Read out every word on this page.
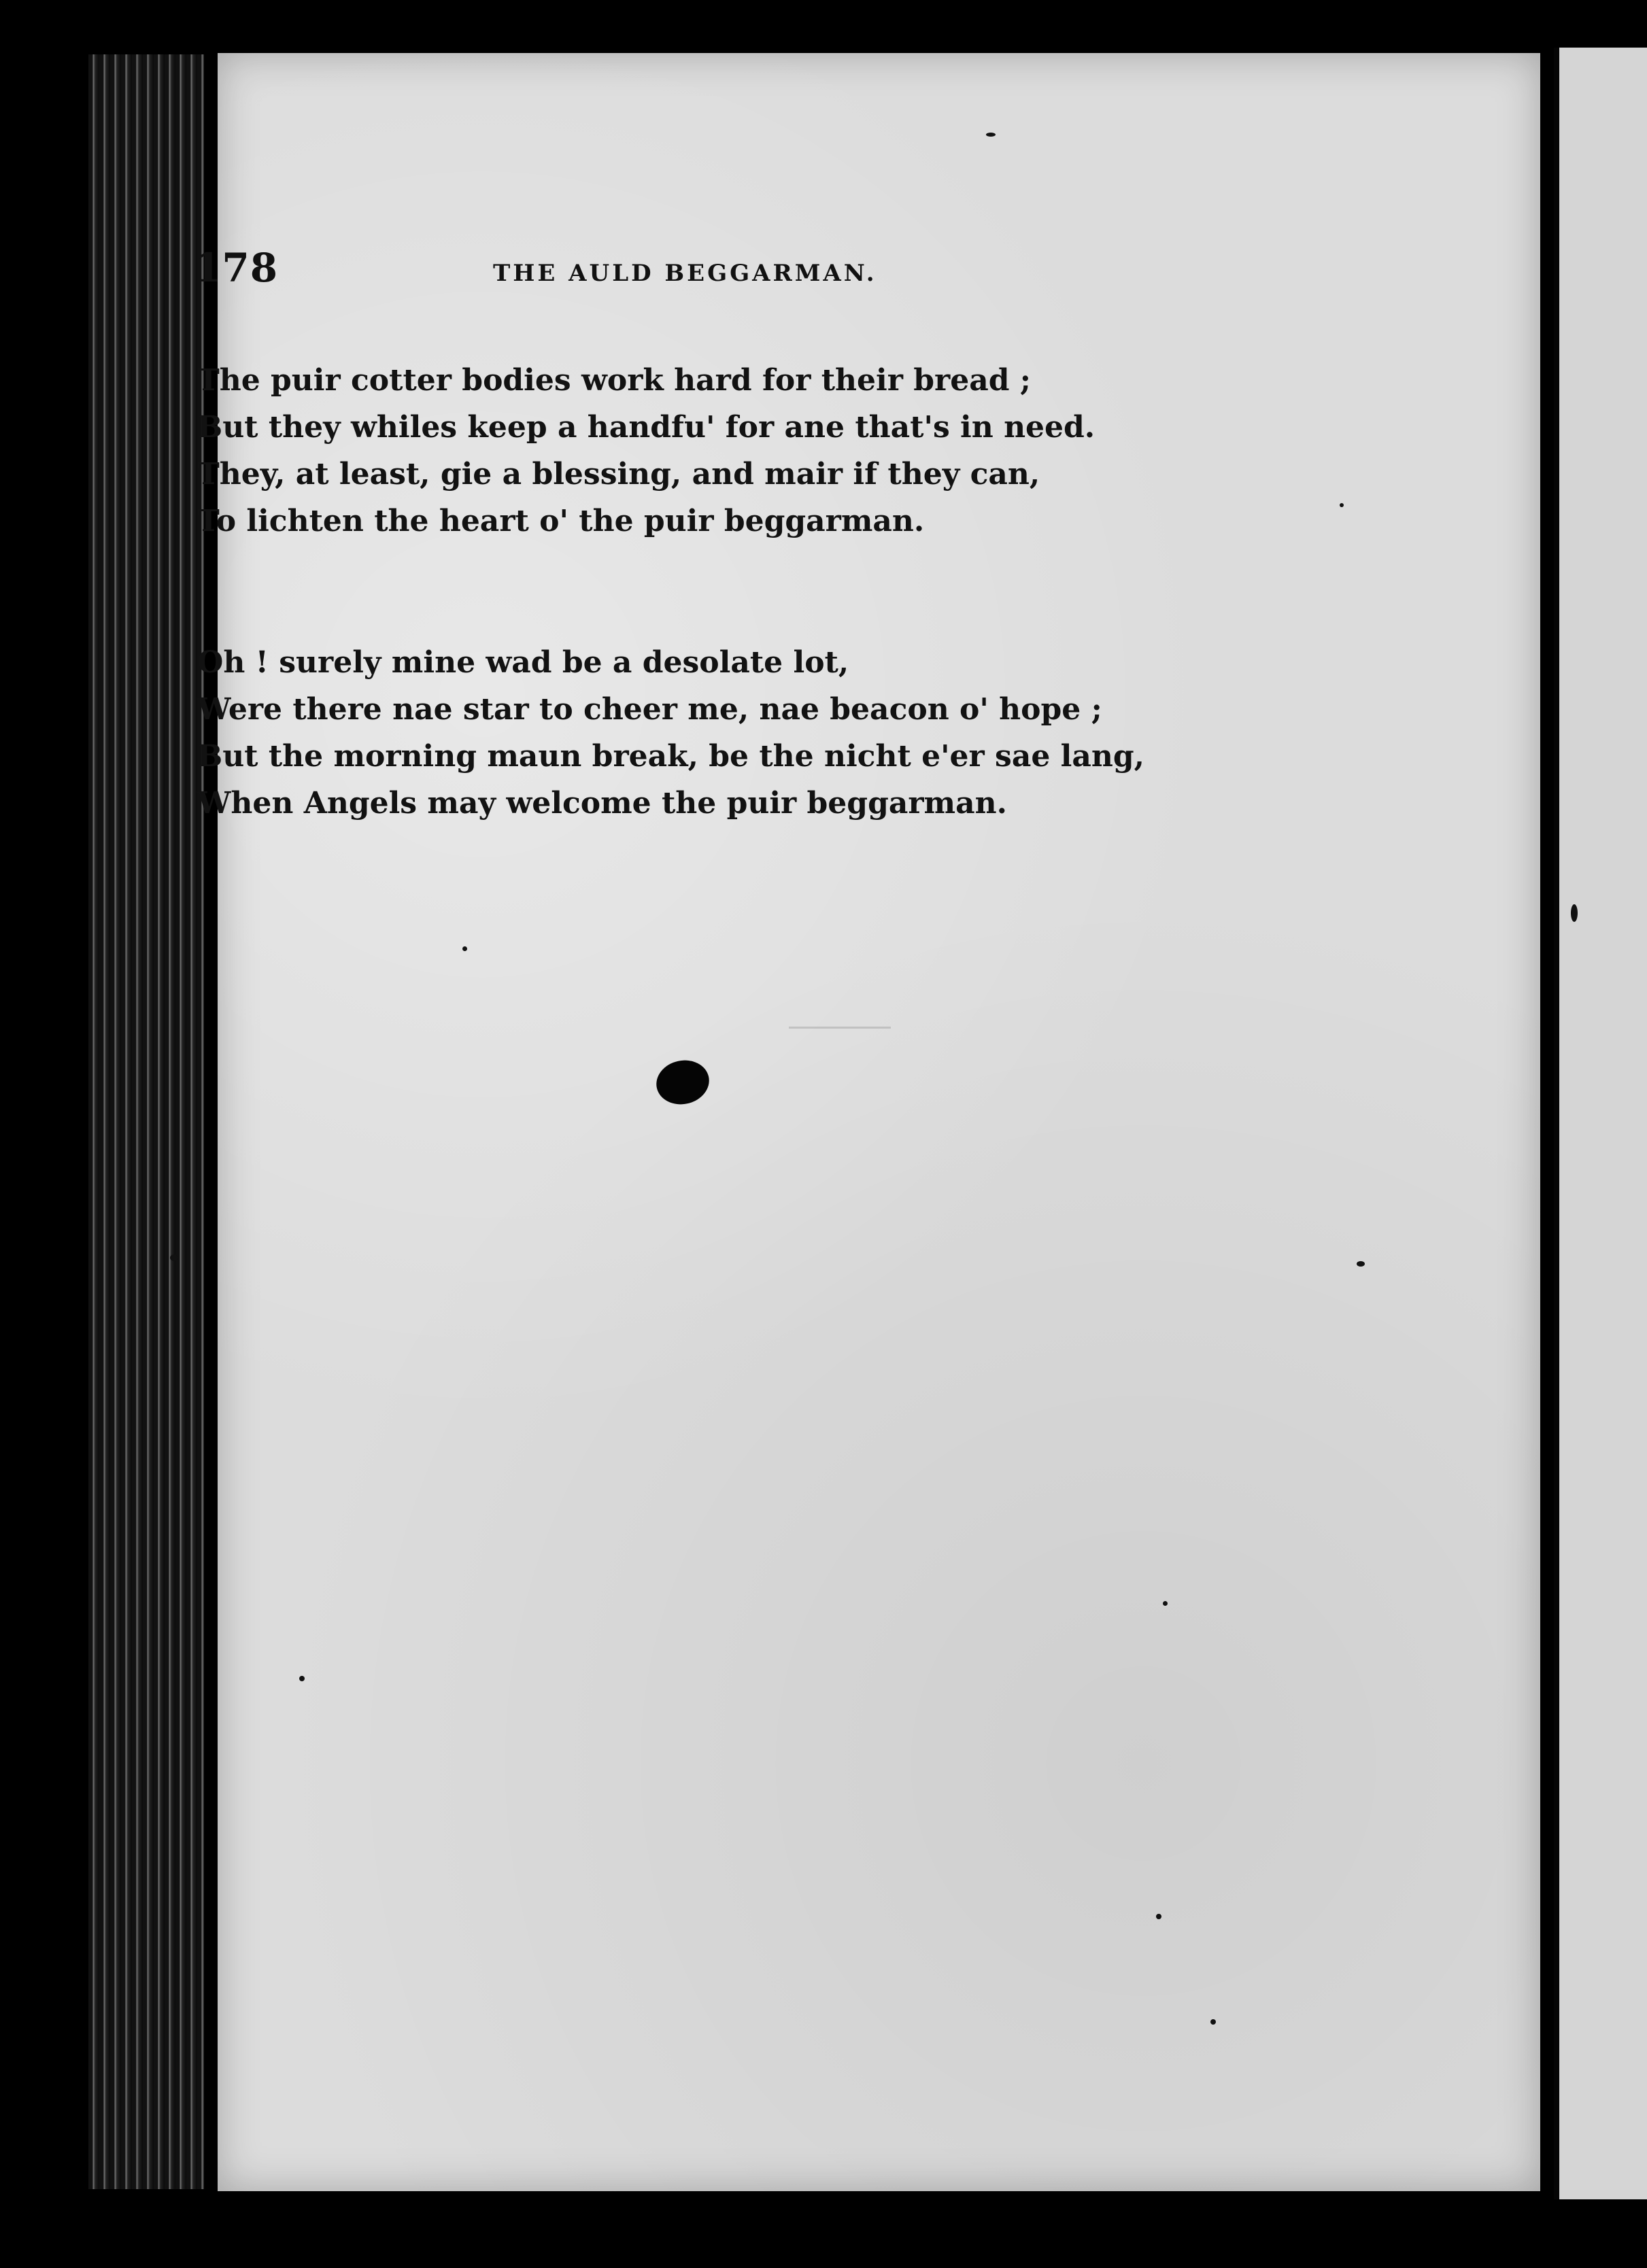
178	THE AULD BEGGARMAN.
The puir cotter bodies work hard for their bread ;
But they whiles keep a handfu' for ane that's in need.
They, at least, gie a blessing, and mair if they can,
To lichten the heart o' the puir beggarman.
Oh ! surely mine wad be a desolate lot,
Were there nae star to cheer me, nae beacon o' hope ;
But the morning maun break, be the nicht e'er sae lang,
When Angels may welcome the puir beggarman.
